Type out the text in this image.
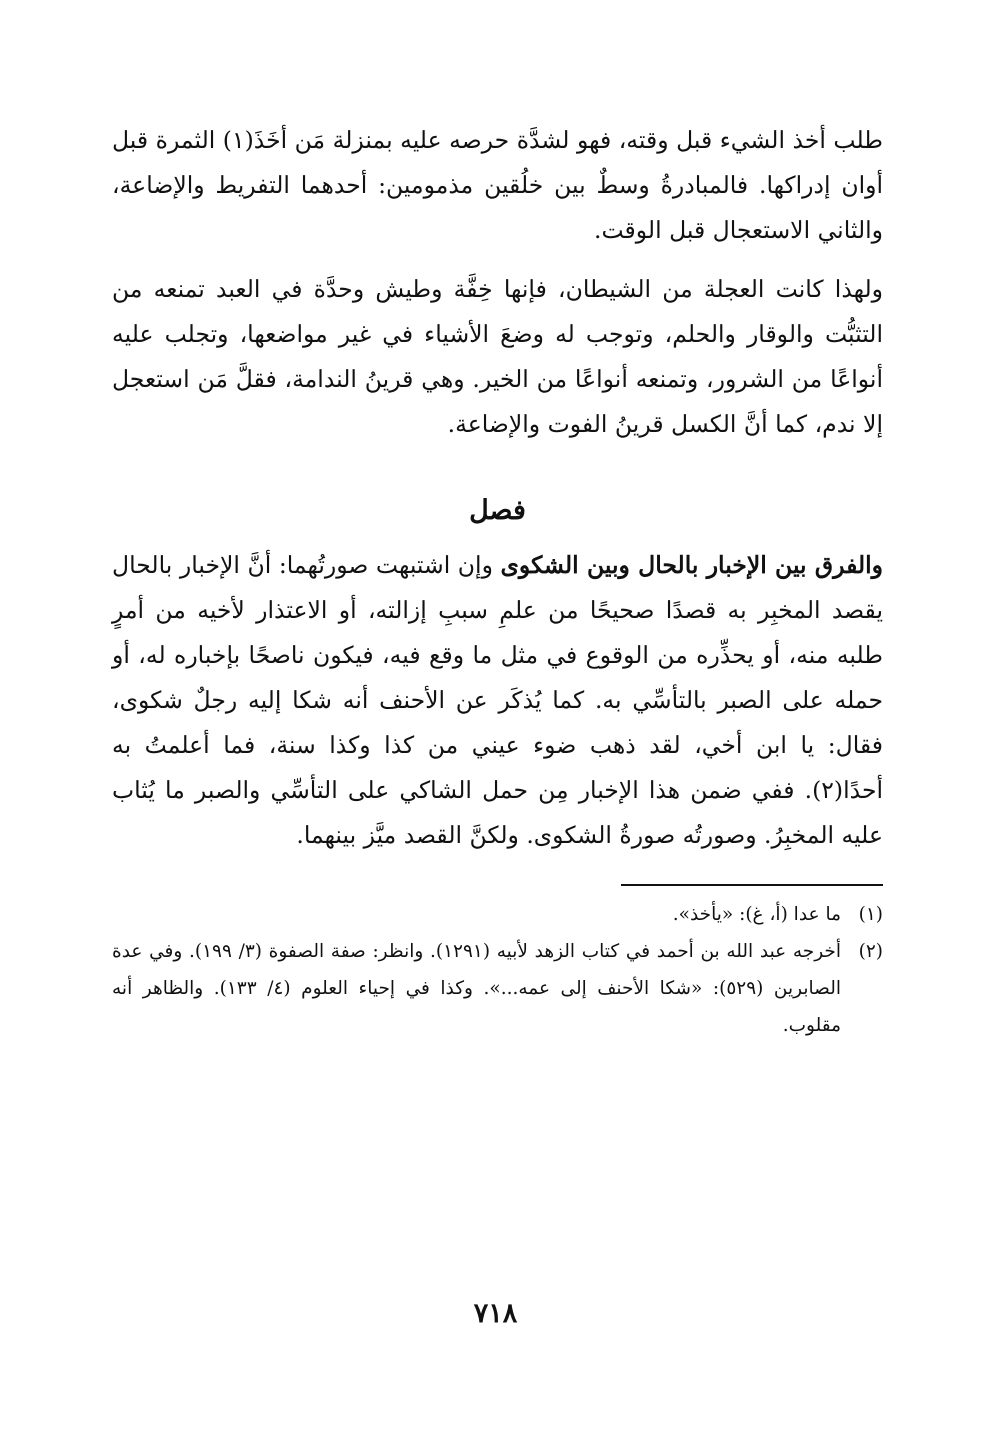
طلب أخذ الشيء قبل وقته، فهو لشدَّة حرصه عليه بمنزلة مَن أخَذَ(١) الثمرة قبل أوان إدراكها. فالمبادرةُ وسطٌ بين خلُقين مذمومين: أحدهما التفريط والإضاعة، والثاني الاستعجال قبل الوقت.

ولهذا كانت العجلة من الشيطان، فإنها خِفَّة وطيش وحدَّة في العبد تمنعه من التثبُّت والوقار والحلم، وتوجب له وضعَ الأشياء في غير مواضعها، وتجلب عليه أنواعًا من الشرور، وتمنعه أنواعًا من الخير. وهي قرينُ الندامة، فقلَّ مَن استعجل إلا ندم، كما أنَّ الكسل قرينُ الفوت والإضاعة.

فصل

والفرق بين الإخبار بالحال وبين الشكوى وإن اشتبهت صورتُهما: أنَّ الإخبار بالحال يقصد المخبِر به قصدًا صحيحًا من علمِ سببِ إزالته، أو الاعتذار لأخيه من أمرٍ طلبه منه، أو يحذِّره من الوقوع في مثل ما وقع فيه، فيكون ناصحًا بإخباره له، أو حمله على الصبر بالتأسِّي به. كما يُذكَر عن الأحنف أنه شكا إليه رجلٌ شكوى، فقال: يا ابن أخي، لقد ذهب ضوء عيني من كذا وكذا سنة، فما أعلمتُ به أحدًا(٢). ففي ضمن هذا الإخبار مِن حمل الشاكي على التأسِّي والصبر ما يُثاب عليه المخبِرُ. وصورتُه صورةُ الشكوى. ولكنَّ القصد ميَّز بينهما.

(١)
ما عدا (أ، غ): «يأخذ».
(٢)
أخرجه عبد الله بن أحمد في كتاب الزهد لأبيه (١٢٩١). وانظر: صفة الصفوة (٣/ ١٩٩). وفي عدة الصابرين (٥٢٩): «شكا الأحنف إلى عمه...». وكذا في إحياء العلوم (٤/ ١٣٣). والظاهر أنه مقلوب.
٧١٨
